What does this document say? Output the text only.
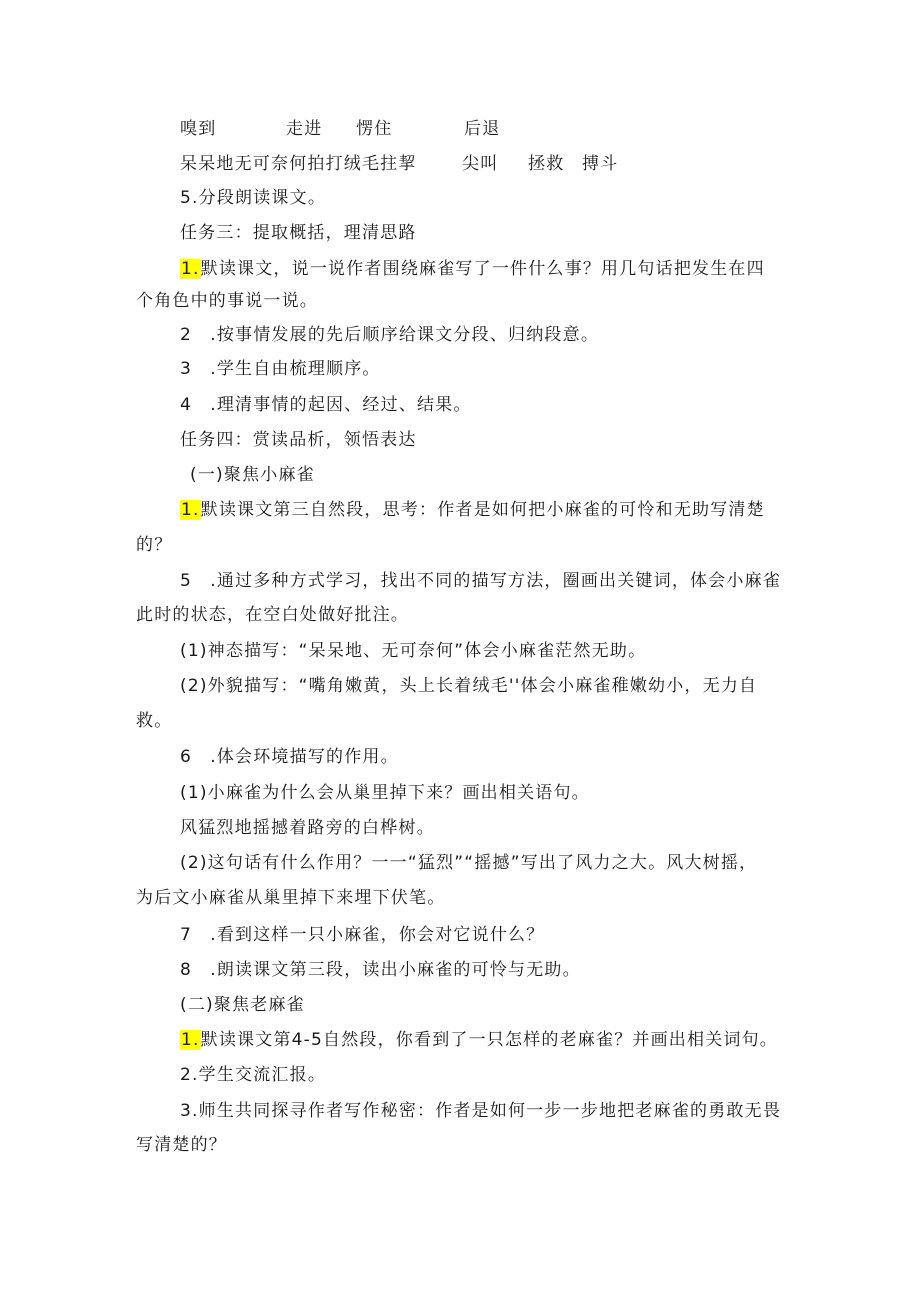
嗅到	走进 愣住	后退
呆呆地无可奈何拍打绒毛拄挈	尖叫 拯救 搏斗
5.分段朗读课文。
任务三：提取概括，理清思路
1.默读课文，说一说作者围绕麻雀写了一件什么事？用几句话把发生在四
个角色中的事说一说。
2　.按事情发展的先后顺序给课文分段、归纳段意。
3　.学生自由梳理顺序。
4　.理清事情的起因、经过、结果。
任务四：赏读品析，领悟表达
(一)聚焦小麻雀
1.默读课文第三自然段，思考：作者是如何把小麻雀的可怜和无助写清楚
的？
5　.通过多种方式学习，找出不同的描写方法，圈画出关键词，体会小麻雀
此时的状态，在空白处做好批注。
(1)神态描写：“呆呆地、无可奈何”体会小麻雀茫然无助。
(2)外貌描写：“嘴角嫩黄，头上长着绒毛''体会小麻雀稚嫩幼小，无力自
救。
6　.体会环境描写的作用。
(1)小麻雀为什么会从巢里掉下来？画出相关语句。
风猛烈地摇撼着路旁的白桦树。
(2)这句话有什么作用？一一“猛烈”“摇撼”写出了风力之大。风大树摇，
为后文小麻雀从巢里掉下来埋下伏笔。
7　.看到这样一只小麻雀，你会对它说什么？
8　.朗读课文第三段，读出小麻雀的可怜与无助。
(二)聚焦老麻雀
1.默读课文第4-5自然段，你看到了一只怎样的老麻雀？并画出相关词句。
2.学生交流汇报。
3.师生共同探寻作者写作秘密：作者是如何一步一步地把老麻雀的勇敢无畏
写清楚的？
